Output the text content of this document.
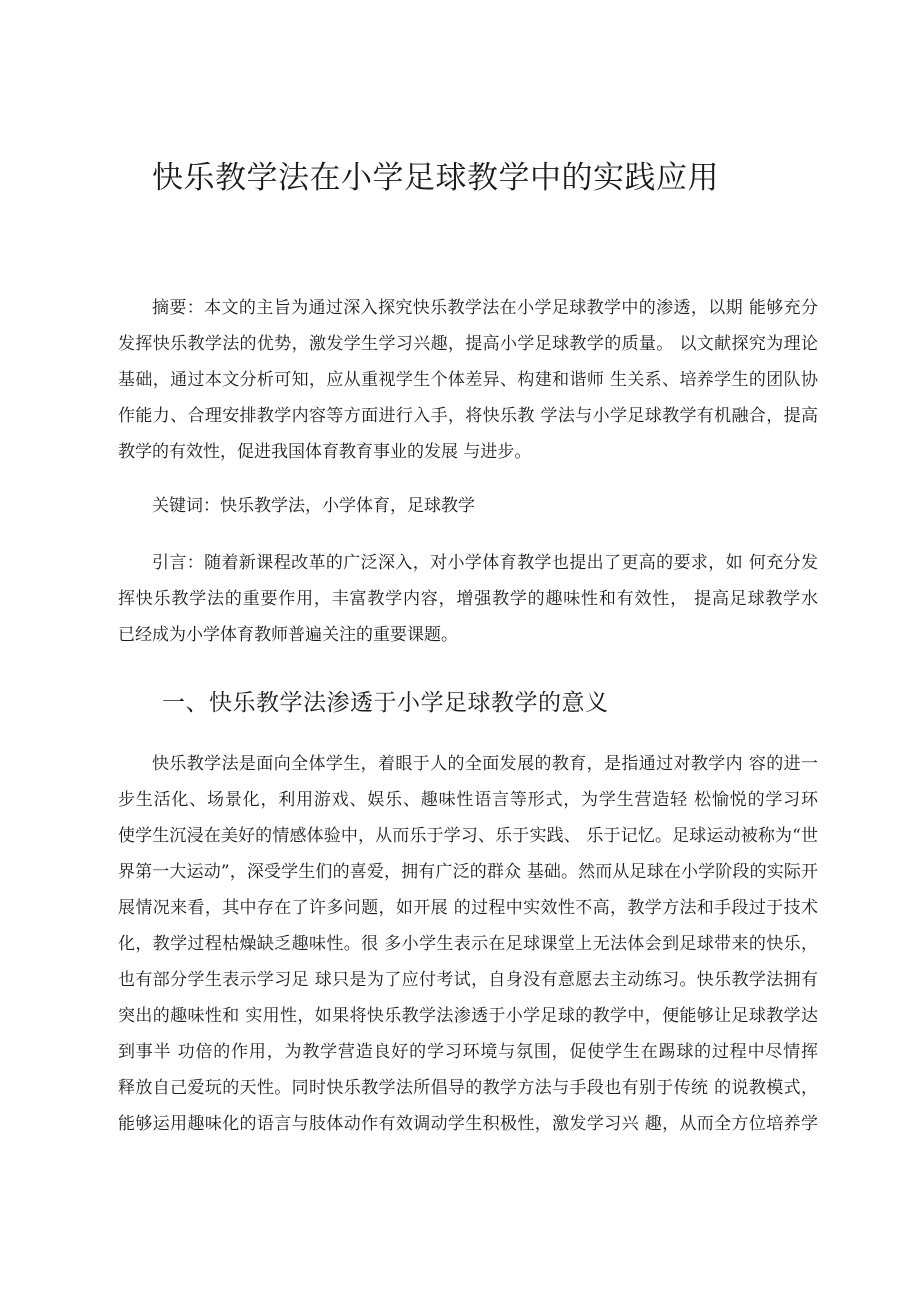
快乐教学法在小学足球教学中的实践应用
摘要：本文的主旨为通过深入探究快乐教学法在小学足球教学中的渗透，以期 能够充分
发挥快乐教学法的优势，激发学生学习兴趣，提高小学足球教学的质量。 以文献探究为理论
基础，通过本文分析可知，应从重视学生个体差异、构建和谐师 生关系、培养学生的团队协
作能力、合理安排教学内容等方面进行入手，将快乐教 学法与小学足球教学有机融合，提高
教学的有效性，促进我国体育教育事业的发展 与进步。
关键词：快乐教学法，小学体育，足球教学
引言：随着新课程改革的广泛深入，对小学体育教学也提出了更高的要求，如 何充分发
挥快乐教学法的重要作用，丰富教学内容，增强教学的趣味性和有效性， 提高足球教学水
已经成为小学体育教师普遍关注的重要课题。
一、快乐教学法渗透于小学足球教学的意义
快乐教学法是面向全体学生，着眼于人的全面发展的教育，是指通过对教学内 容的进一
步生活化、场景化，利用游戏、娱乐、趣味性语言等形式，为学生营造轻 松愉悦的学习环
使学生沉浸在美好的情感体验中，从而乐于学习、乐于实践、 乐于记忆。足球运动被称为“世
界第一大运动”，深受学生们的喜爱，拥有广泛的群众 基础。然而从足球在小学阶段的实际开
展情况来看，其中存在了许多问题，如开展 的过程中实效性不高，教学方法和手段过于技术
化，教学过程枯燥缺乏趣味性。很 多小学生表示在足球课堂上无法体会到足球带来的快乐，
也有部分学生表示学习足 球只是为了应付考试，自身没有意愿去主动练习。快乐教学法拥有
突出的趣味性和 实用性，如果将快乐教学法渗透于小学足球的教学中，便能够让足球教学达
到事半 功倍的作用，为教学营造良好的学习环境与氛围，促使学生在踢球的过程中尽情挥
释放自己爱玩的天性。同时快乐教学法所倡导的教学方法与手段也有别于传统 的说教模式，
能够运用趣味化的语言与肢体动作有效调动学生积极性，激发学习兴 趣，从而全方位培养学
